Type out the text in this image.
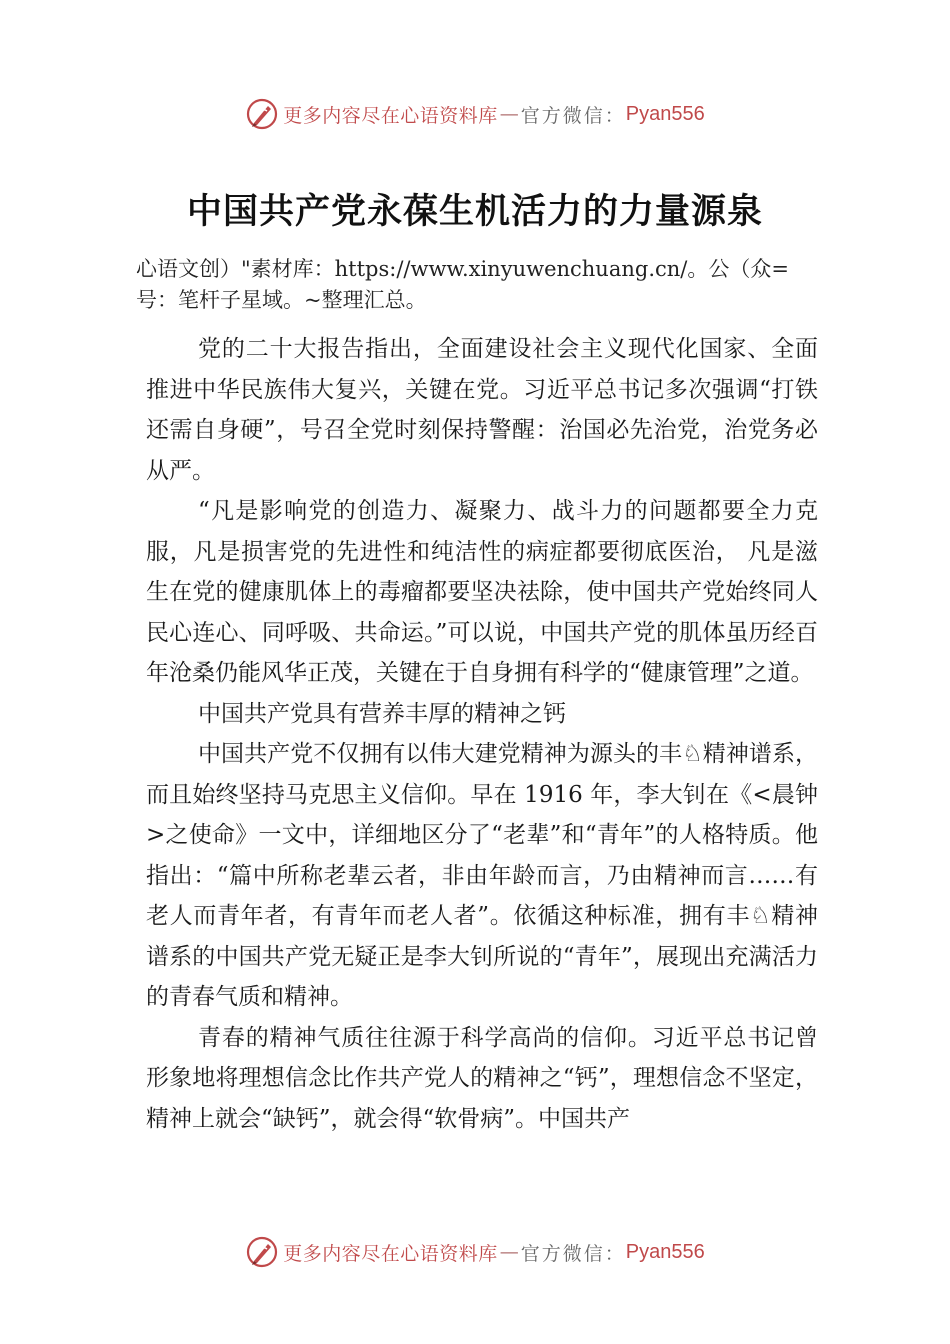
更多内容尽在心语资料库 — 官方微信： Pyan556
中国共产党永葆生机活力的力量源泉
心语文创）"素材库：https://www.xinyuwenchuang.cn/。公（众=号：笔杆子星域。~整理汇总。

党的二十大报告指出，全面建设社会主义现代化国家、全面推进中华民族伟大复兴，关键在党。习近平总书记多次强调“打铁还需自身硬”，号召全党时刻保持警醒：治国必先治党，治党务必从严。

“凡是影响党的创造力、凝聚力、战斗力的问题都要全力克服，凡是损害党的先进性和纯洁性的病症都要彻底医治， 凡是滋生在党的健康肌体上的毒瘤都要坚决祛除，使中国共产党始终同人民心连心、同呼吸、共命运。”可以说，中国共产党的肌体虽历经百年沧桑仍能风华正茂，关键在于自身拥有科学的“健康管理”之道。

中国共产党具有营养丰厚的精神之钙

中国共产党不仅拥有以伟大建党精神为源头的丰♘精神谱系，而且始终坚持马克思主义信仰。早在 1916 年，李大钊在《<晨钟>之使命》一文中，详细地区分了“老辈”和“青年”的人格特质。他指出：“篇中所称老辈云者，非由年龄而言，乃由精神而言……有老人而青年者，有青年而老人者”。依循这种标准，拥有丰♘精神谱系的中国共产党无疑正是李大钊所说的“青年”，展现出充满活力的青春气质和精神。

青春的精神气质往往源于科学高尚的信仰。习近平总书记曾形象地将理想信念比作共产党人的精神之“钙”，理想信念不坚定，精神上就会“缺钙”，就会得“软骨病”。中国共产

更多内容尽在心语资料库 — 官方微信： Pyan556
